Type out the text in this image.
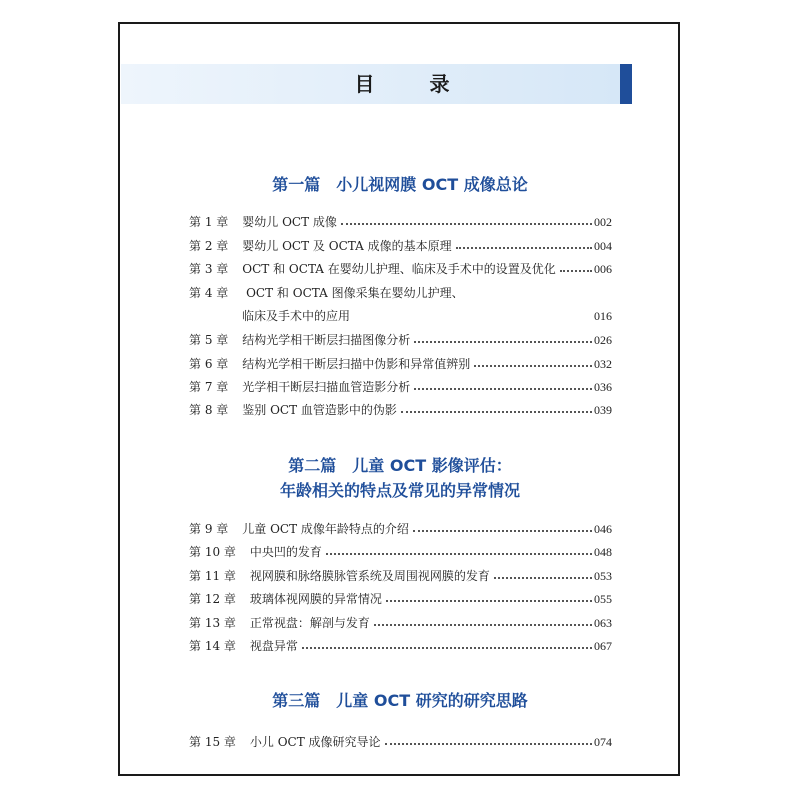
目 录
第一篇　小儿视网膜 OCT 成像总论
第 1 章 婴幼儿 OCT 成像	002
第 2 章 婴幼儿 OCT 及 OCTA 成像的基本原理	004
第 3 章 OCT 和 OCTA 在婴幼儿护理、临床及手术中的设置及优化	006
第 4 章 OCT 和 OCTA 图像采集在婴幼儿护理、
临床及手术中的应用	016
第 5 章 结构光学相干断层扫描图像分析	026
第 6 章 结构光学相干断层扫描中伪影和异常值辨别	032
第 7 章 光学相干断层扫描血管造影分析	036
第 8 章 鉴别 OCT 血管造影中的伪影	039
第二篇　儿童 OCT 影像评估：
年龄相关的特点及常见的异常情况
第 9 章 儿童 OCT 成像年龄特点的介绍	046
第 10 章 中央凹的发育	048
第 11 章 视网膜和脉络膜脉管系统及周围视网膜的发育	053
第 12 章 玻璃体视网膜的异常情况	055
第 13 章 正常视盘：解剖与发育	063
第 14 章 视盘异常	067
第三篇　儿童 OCT 研究的研究思路
第 15 章 小儿 OCT 成像研究导论	074
